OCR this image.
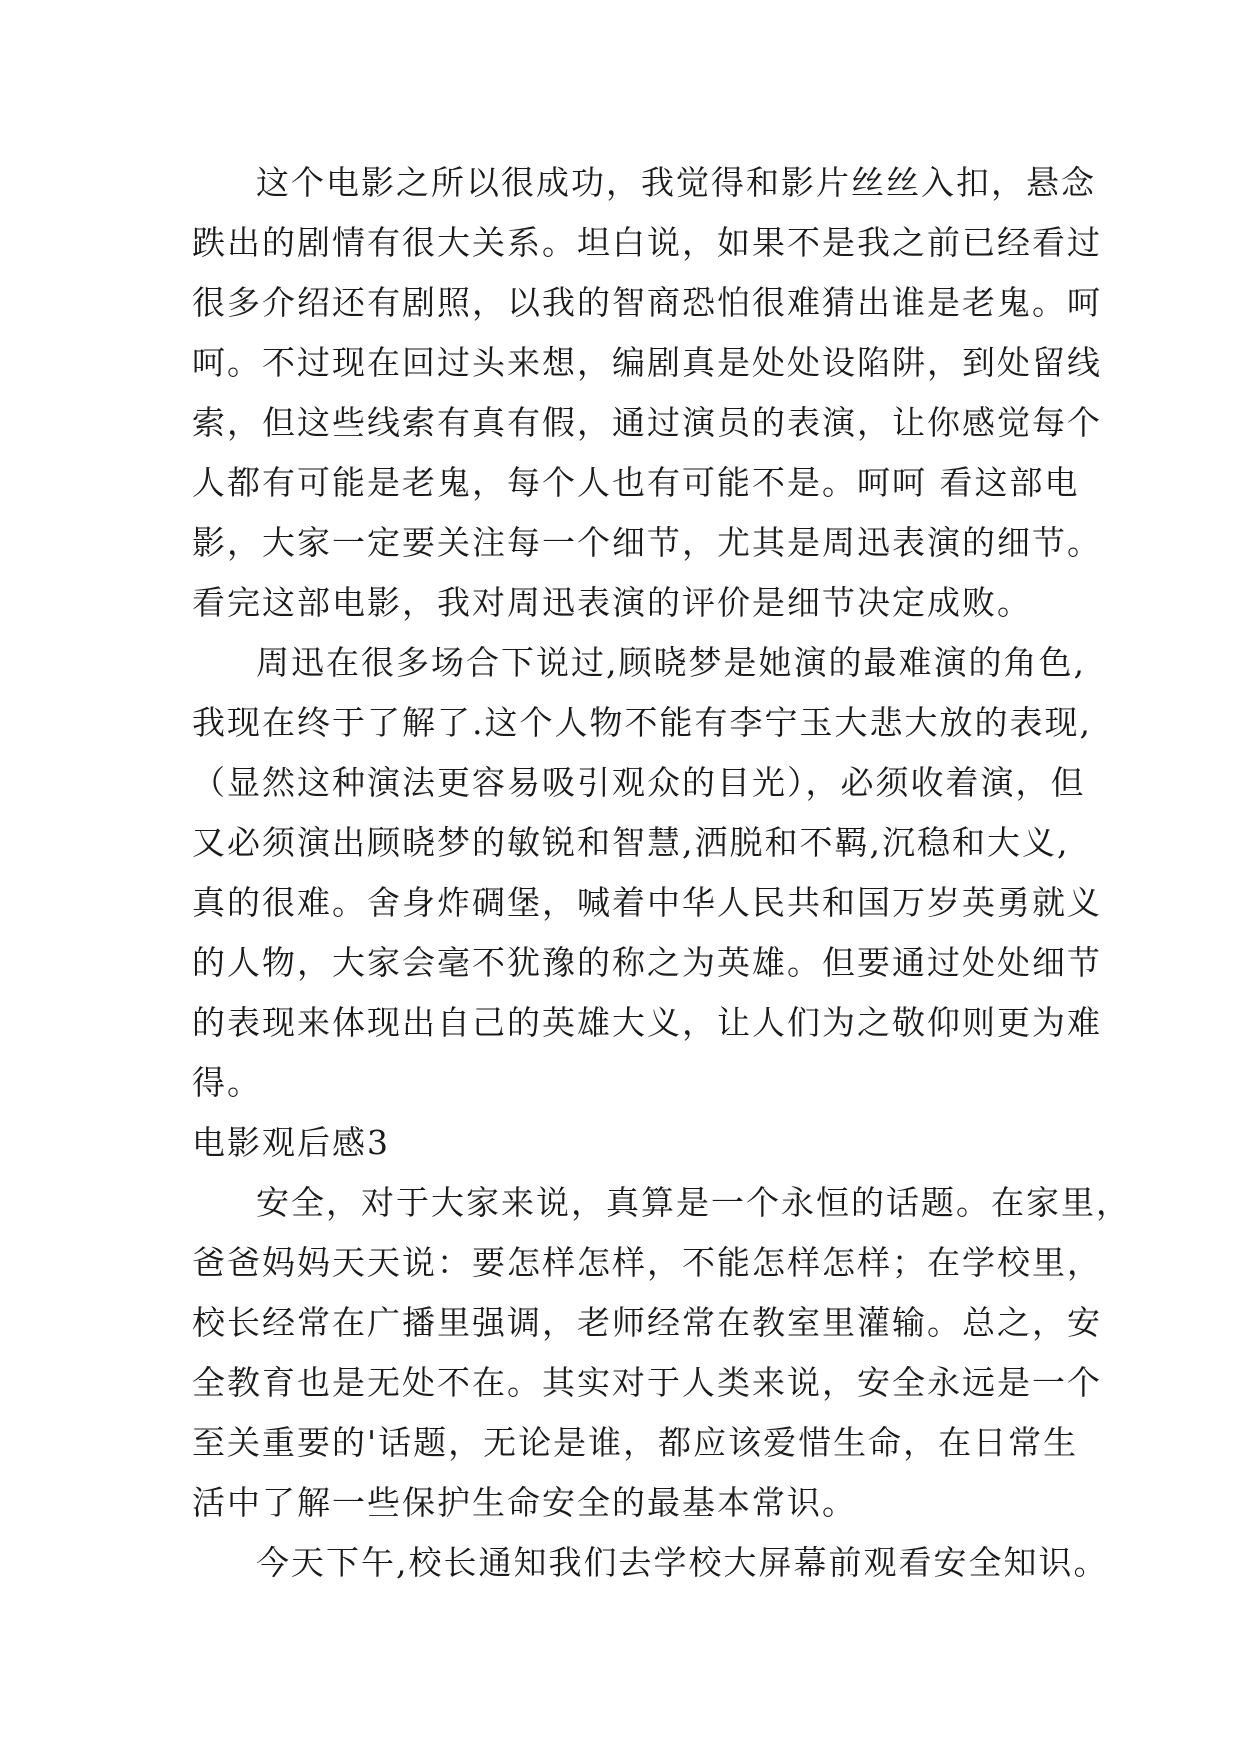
这个电影之所以很成功，我觉得和影片丝丝入扣，悬念
跌出的剧情有很大关系。坦白说，如果不是我之前已经看过
很多介绍还有剧照，以我的智商恐怕很难猜出谁是老鬼。呵
呵。不过现在回过头来想，编剧真是处处设陷阱，到处留线
索，但这些线索有真有假，通过演员的表演，让你感觉每个
人都有可能是老鬼，每个人也有可能不是。呵呵 看这部电
影，大家一定要关注每一个细节，尤其是周迅表演的细节。
看完这部电影，我对周迅表演的评价是细节决定成败。
周迅在很多场合下说过,顾晓梦是她演的最难演的角色,
我现在终于了解了.这个人物不能有李宁玉大悲大放的表现,
（显然这种演法更容易吸引观众的目光），必须收着演，但
又必须演出顾晓梦的敏锐和智慧,洒脱和不羁,沉稳和大义,
真的很难。舍身炸碉堡，喊着中华人民共和国万岁英勇就义
的人物，大家会毫不犹豫的称之为英雄。但要通过处处细节
的表现来体现出自己的英雄大义，让人们为之敬仰则更为难
得。
电影观后感3
安全，对于大家来说，真算是一个永恒的话题。在家里，
爸爸妈妈天天说：要怎样怎样，不能怎样怎样；在学校里，
校长经常在广播里强调，老师经常在教室里灌输。总之，安
全教育也是无处不在。其实对于人类来说，安全永远是一个
至关重要的'话题，无论是谁，都应该爱惜生命，在日常生
活中了解一些保护生命安全的最基本常识。
今天下午,校长通知我们去学校大屏幕前观看安全知识。
